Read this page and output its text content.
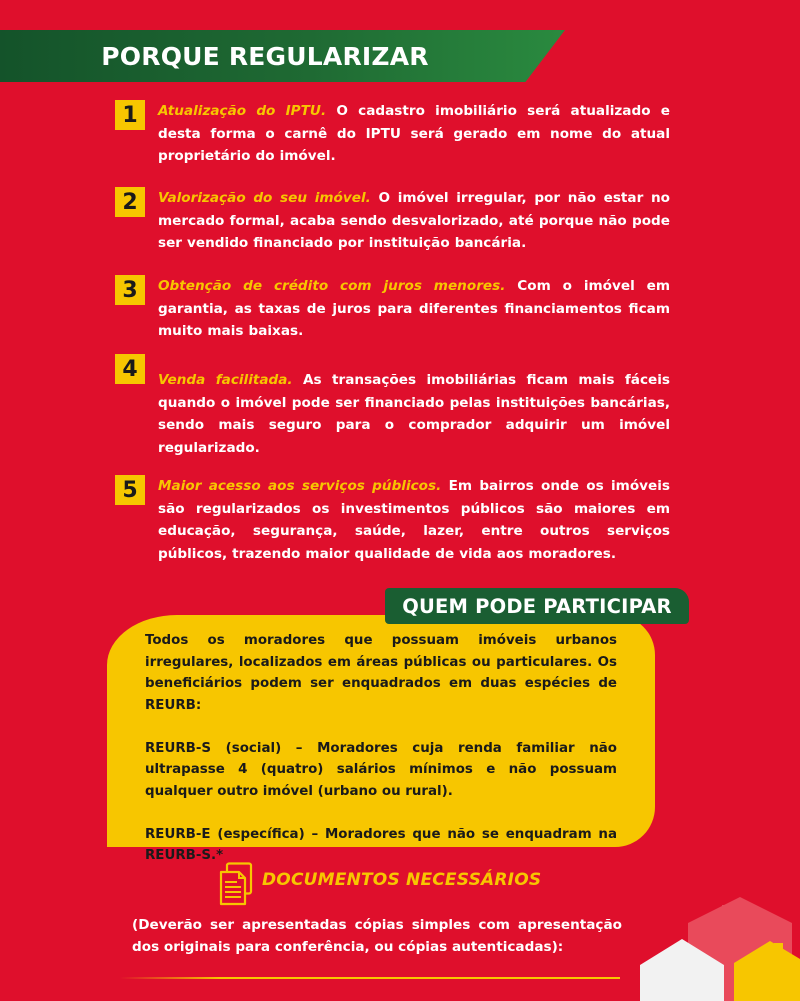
PORQUE REGULARIZAR
1	Atualização do IPTU. O cadastro imobiliário será atualizado e desta forma o carnê do IPTU será gerado em nome do atual proprietário do imóvel.
2	Valorização do seu imóvel. O imóvel irregular, por não estar no mercado formal, acaba sendo desvalorizado, até porque não pode ser vendido financiado por instituição bancária.
3	Obtenção de crédito com juros menores. Com o imóvel em garantia, as taxas de juros para diferentes financiamentos ficam muito mais baixas.
4	Venda facilitada. As transações imobiliárias ficam mais fáceis quando o imóvel pode ser financiado pelas instituições bancárias, sendo mais seguro para o comprador adquirir um imóvel regularizado.
5	Maior acesso aos serviços públicos. Em bairros onde os imóveis são regularizados os investimentos públicos são maiores em educação, segurança, saúde, lazer, entre outros serviços públicos, trazendo maior qualidade de vida aos moradores.
QUEM PODE PARTICIPAR

Todos os moradores que possuam imóveis urbanos irregulares, localizados em áreas públicas ou particulares. Os beneficiários podem ser enquadrados em duas espécies de REURB:

REURB-S (social) – Moradores cuja renda familiar não ultrapasse 4 (quatro) salários mínimos e não possuam qualquer outro imóvel (urbano ou rural).

REURB-E (específica) – Moradores que não se enquadram na REURB-S.*

DOCUMENTOS NECESSÁRIOS
(Deverão ser apresentadas cópias simples com apresentação dos originais para conferência, ou cópias autenticadas):
